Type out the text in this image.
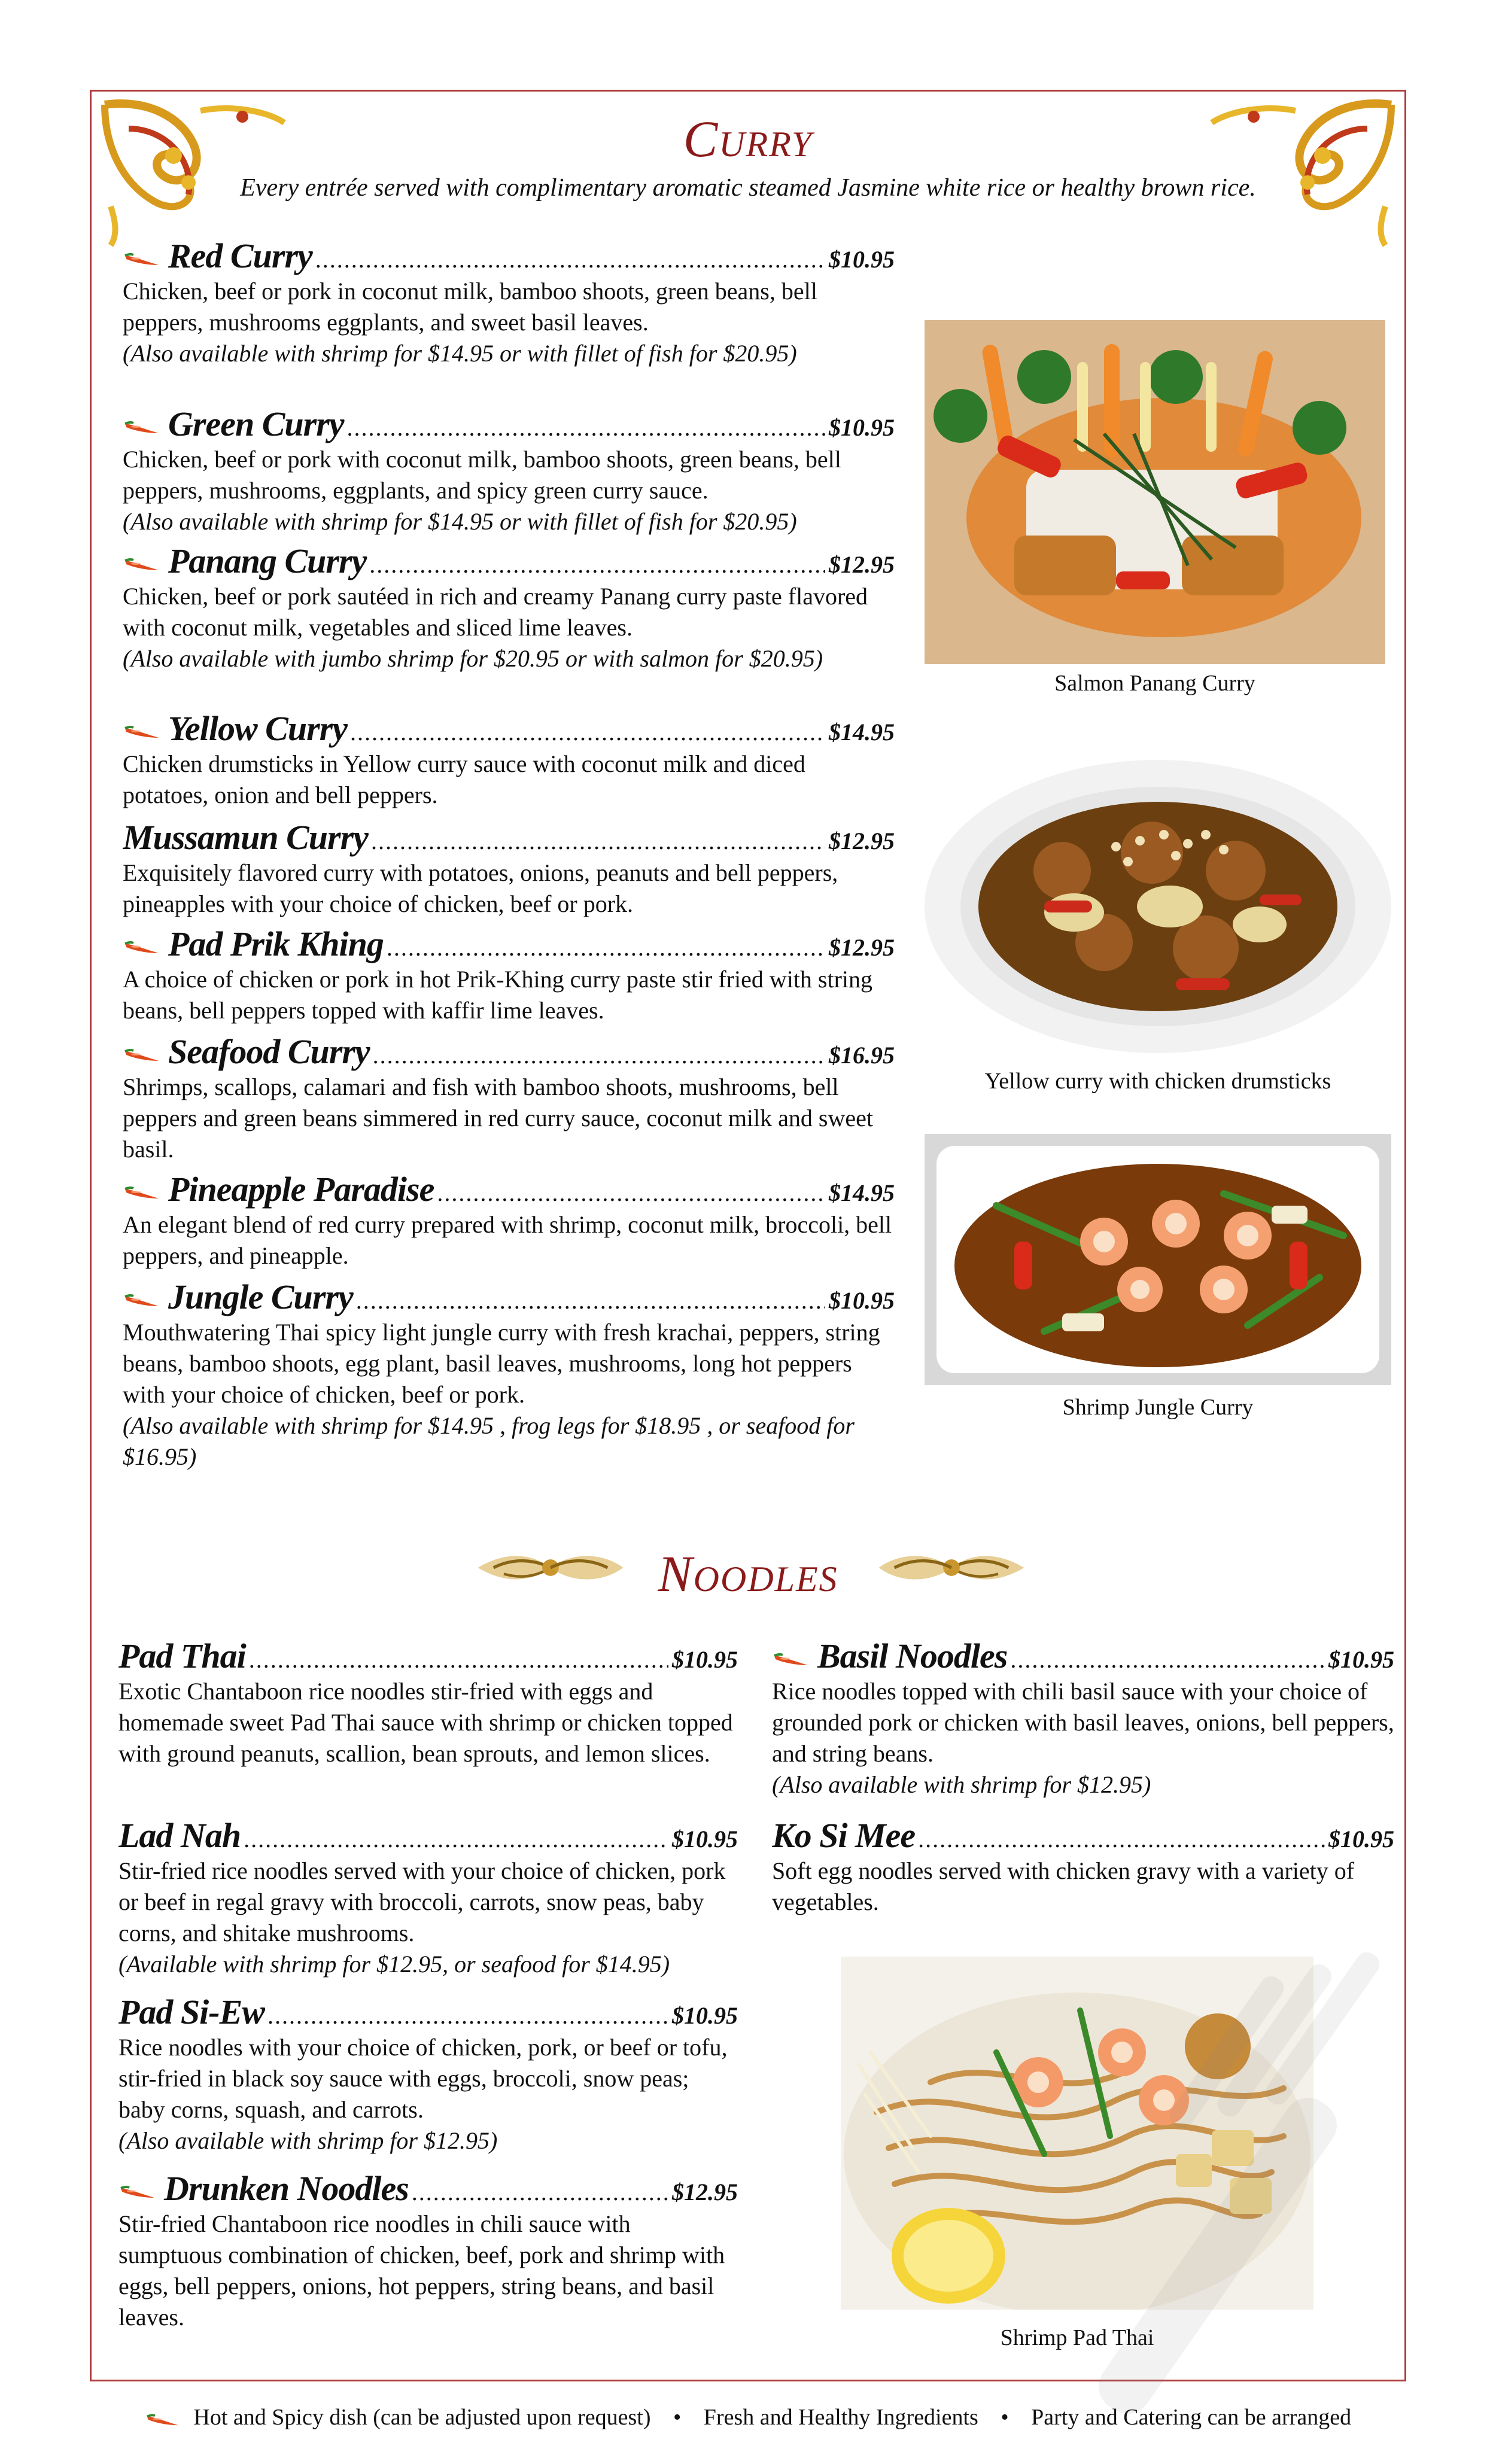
Curry
Every entrée served with complimentary aromatic steamed Jasmine white rice or healthy brown rice.
Red Curry .....	$10.95

Chicken, beef or pork in coconut milk, bamboo shoots, green beans, bell peppers, mushrooms eggplants, and sweet basil leaves.

(Also available with shrimp for $14.95 or with fillet of fish for $20.95)

Green Curry .....	$10.95

Chicken, beef or pork with coconut milk, bamboo shoots, green beans, bell peppers, mushrooms, eggplants, and spicy green curry sauce.

(Also available with shrimp for $14.95 or with fillet of fish for $20.95)

Panang Curry .....	$12.95

Chicken, beef or pork sautéed in rich and creamy Panang curry paste flavored with coconut milk, vegetables and sliced lime leaves.

(Also available with jumbo shrimp for $20.95 or with salmon for $20.95)

Yellow Curry .....	$14.95

Chicken drumsticks in Yellow curry sauce with coconut milk and diced potatoes, onion and bell peppers.

Mussamun Curry .....	$12.95

Exquisitely flavored curry with potatoes, onions, peanuts and bell peppers, pineapples with your choice of chicken, beef or pork.

Pad Prik Khing .....	$12.95

A choice of chicken or pork in hot Prik-Khing curry paste stir fried with string beans, bell peppers topped with kaffir lime leaves.

Seafood Curry .....	$16.95

Shrimps, scallops, calamari and fish with bamboo shoots, mushrooms, bell peppers and green beans simmered in red curry sauce, coconut milk and sweet basil.

Pineapple Paradise .....	$14.95

An elegant blend of red curry prepared with shrimp, coconut milk, broccoli, bell peppers, and pineapple.

Jungle Curry .....	$10.95

Mouthwatering Thai spicy light jungle curry with fresh krachai, peppers, string beans, bamboo shoots, egg plant, basil leaves, mushrooms, long hot peppers with your choice of chicken, beef or pork.

(Also available with shrimp for $14.95 , frog legs for $18.95 , or seafood for $16.95)

Salmon Panang Curry
Yellow curry with chicken drumsticks
Shrimp Jungle Curry
Noodles
Pad Thai .....	$10.95

Exotic Chantaboon rice noodles stir-fried with eggs and homemade sweet Pad Thai sauce with shrimp or chicken topped with ground peanuts, scallion, bean sprouts, and lemon slices.

Lad Nah .....	$10.95

Stir-fried rice noodles served with your choice of chicken, pork or beef in regal gravy with broccoli, carrots, snow peas, baby corns, and shitake mushrooms.

(Available with shrimp for $12.95, or seafood for $14.95)

Pad Si-Ew .....	$10.95

Rice noodles with your choice of chicken, pork, or beef or tofu, stir-fried in black soy sauce with eggs, broccoli, snow peas; baby corns, squash, and carrots.

(Also available with shrimp for $12.95)

Drunken Noodles .....	$12.95

Stir-fried Chantaboon rice noodles in chili sauce with sumptuous combination of chicken, beef, pork and shrimp with eggs, bell peppers, onions, hot peppers, string beans, and basil leaves.

Basil Noodles .....	$10.95

Rice noodles topped with chili basil sauce with your choice of grounded pork or chicken with basil leaves, onions, bell peppers, and string beans.

(Also available with shrimp for $12.95)

Ko Si Mee .....	$10.95

Soft egg noodles served with chicken gravy with a variety of vegetables.

Shrimp Pad Thai
Hot and Spicy dish (can be adjusted upon request) • Fresh and Healthy Ingredients • Party and Catering can be arranged
